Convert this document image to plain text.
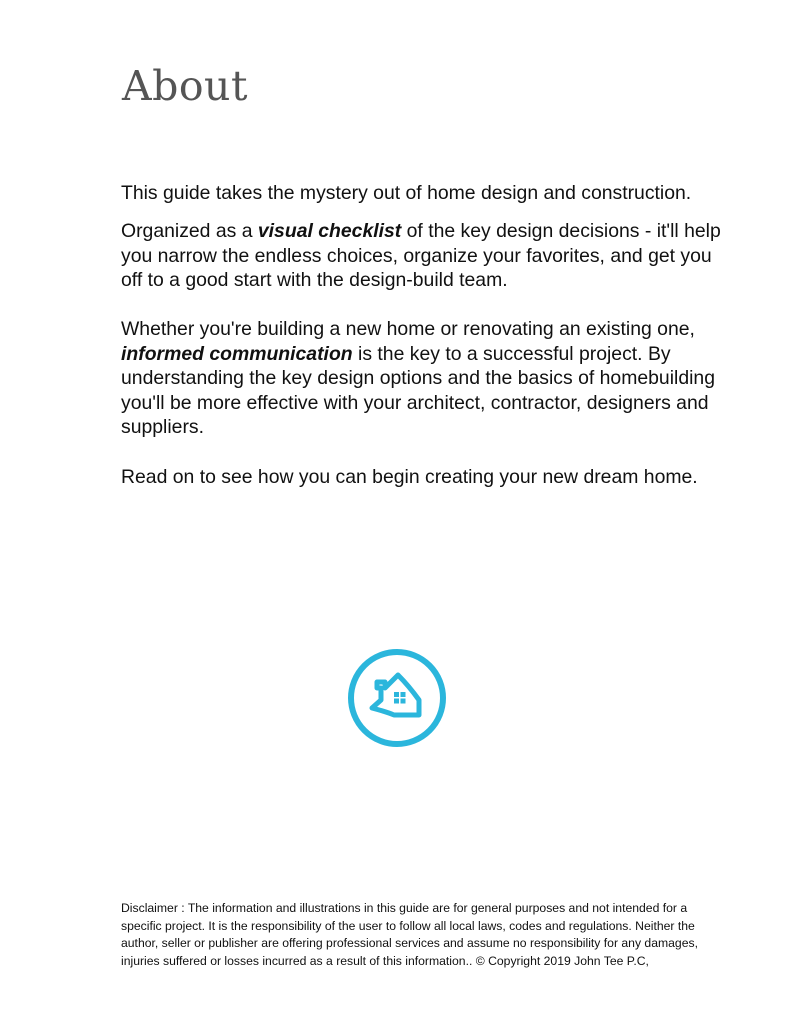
About

This guide takes the mystery out of home design and construction.

Organized as a visual checklist of the key design decisions - it'll help you narrow the endless choices, organize your favorites, and get you off to a good start with the design-build team.

Whether you're building a new home or renovating an existing one, informed communication is the key to a successful project. By understanding the key design options and the basics of homebuilding you'll be more effective with your architect, contractor, designers and suppliers.

Read on to see how you can begin creating your new dream home.

Disclaimer : The information and illustrations in this guide are for general purposes and not intended for a specific project. It is the responsibility of the user to follow all local laws, codes and regulations. Neither the author, seller or publisher are offering professional services and assume no responsibility for any damages, injuries suffered or losses incurred as a result of this information.. © Copyright 2019 John Tee P.C,
